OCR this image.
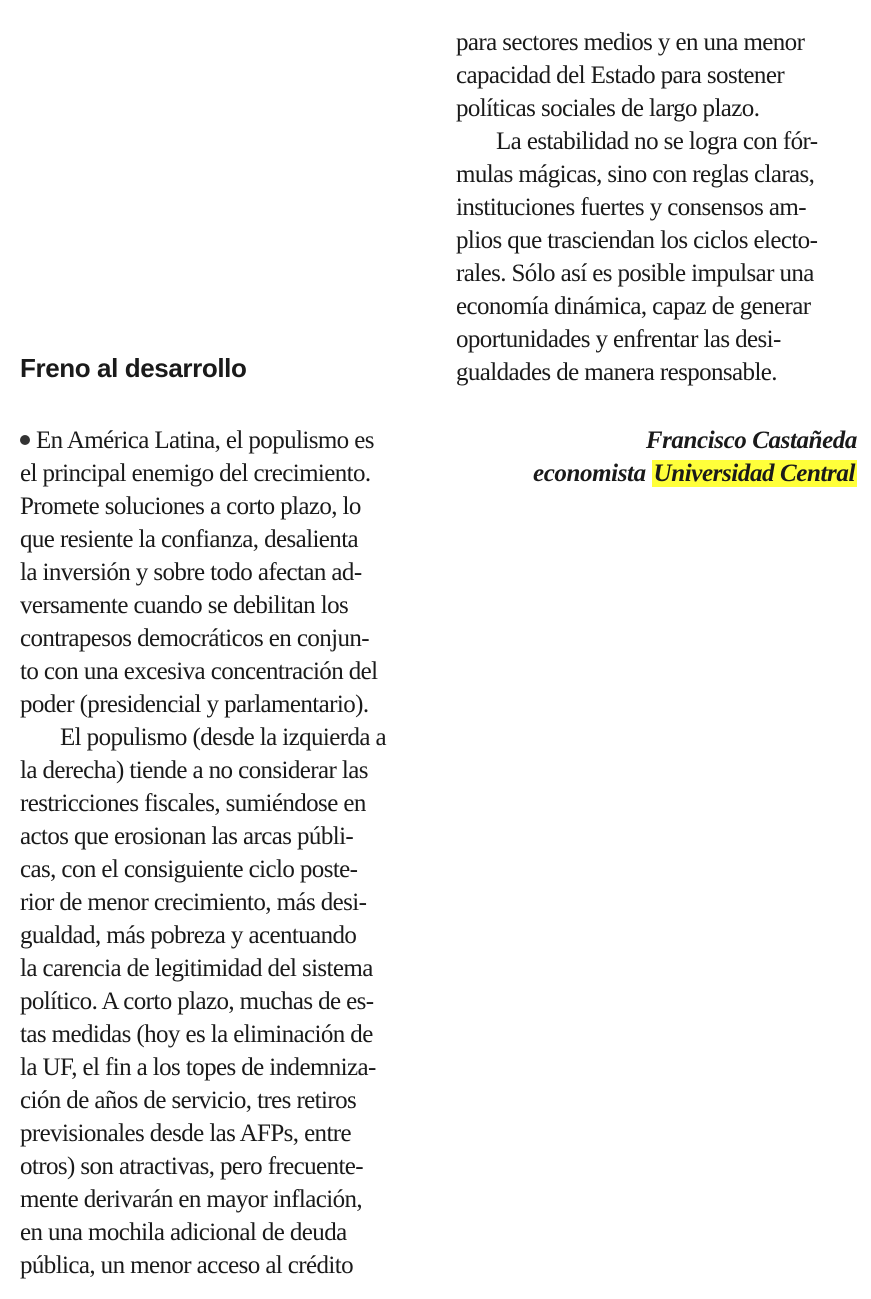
para sectores medios y en una menor
capacidad del Estado para sostener
políticas sociales de largo plazo.
La estabilidad no se logra con fór-
mulas mágicas, sino con reglas claras,
instituciones fuertes y consensos am-
plios que trasciendan los ciclos electo-
rales. Sólo así es posible impulsar una
economía dinámica, capaz de generar
oportunidades y enfrentar las desi-
gualdades de manera responsable.
Freno al desarrollo
Francisco Castañeda
economista Universidad Central
En América Latina, el populismo es
el principal enemigo del crecimiento.
Promete soluciones a corto plazo, lo
que resiente la confianza, desalienta
la inversión y sobre todo afectan ad-
versamente cuando se debilitan los
contrapesos democráticos en conjun-
to con una excesiva concentración del
poder (presidencial y parlamentario).
El populismo (desde la izquierda a
la derecha) tiende a no considerar las
restricciones fiscales, sumiéndose en
actos que erosionan las arcas públi-
cas, con el consiguiente ciclo poste-
rior de menor crecimiento, más desi-
gualdad, más pobreza y acentuando
la carencia de legitimidad del sistema
político. A corto plazo, muchas de es-
tas medidas (hoy es la eliminación de
la UF, el fin a los topes de indemniza-
ción de años de servicio, tres retiros
previsionales desde las AFPs, entre
otros) son atractivas, pero frecuente-
mente derivarán en mayor inflación,
en una mochila adicional de deuda
pública, un menor acceso al crédito
